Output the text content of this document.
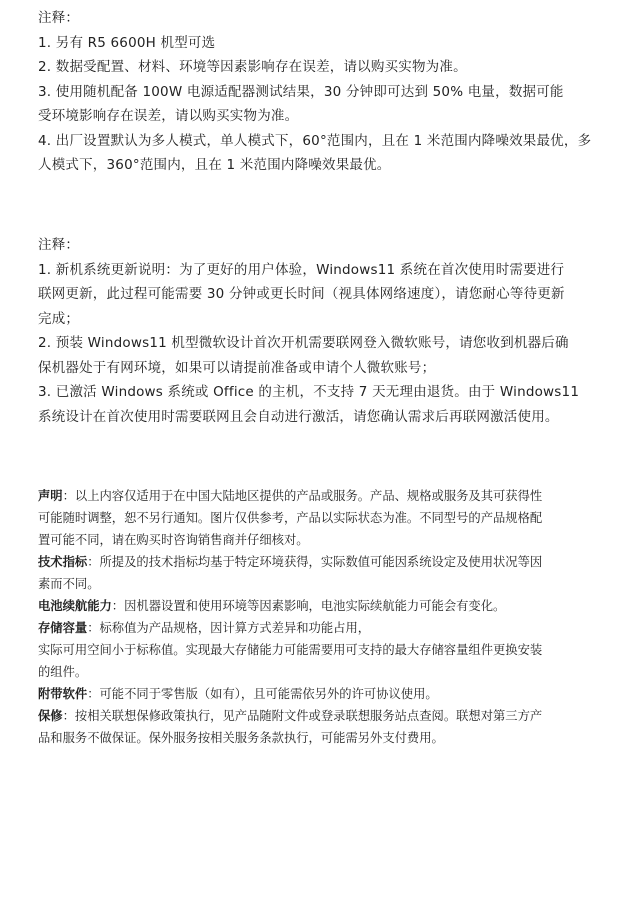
注释：
1. 另有 R5 6600H 机型可选
2. 数据受配置、材料、环境等因素影响存在误差，请以购买实物为准。
3. 使用随机配备 100W 电源适配器测试结果，30 分钟即可达到 50% 电量，数据可能
受环境影响存在误差，请以购买实物为准。
4. 出厂设置默认为多人模式，单人模式下，60°范围内，且在 1 米范围内降噪效果最优，多
人模式下，360°范围内，且在 1 米范围内降噪效果最优。
注释：
1. 新机系统更新说明：为了更好的用户体验，Windows11 系统在首次使用时需要进行
联网更新，此过程可能需要 30 分钟或更长时间（视具体网络速度），请您耐心等待更新
完成；
2. 预装 Windows11 机型微软设计首次开机需要联网登入微软账号，请您收到机器后确
保机器处于有网环境，如果可以请提前准备或申请个人微软账号；
3. 已激活 Windows 系统或 Office 的主机，不支持 7 天无理由退货。由于 Windows11
系统设计在首次使用时需要联网且会自动进行激活，请您确认需求后再联网激活使用。
声明：以上内容仅适用于在中国大陆地区提供的产品或服务。产品、规格或服务及其可获得性
可能随时调整，恕不另行通知。图片仅供参考，产品以实际状态为准。不同型号的产品规格配
置可能不同，请在购买时咨询销售商并仔细核对。
技术指标：所提及的技术指标均基于特定环境获得，实际数值可能因系统设定及使用状况等因
素而不同。
电池续航能力：因机器设置和使用环境等因素影响，电池实际续航能力可能会有变化。
存储容量：标称值为产品规格，因计算方式差异和功能占用，
实际可用空间小于标称值。实现最大存储能力可能需要用可支持的最大存储容量组件更换安装
的组件。
附带软件：可能不同于零售版（如有），且可能需依另外的许可协议使用。
保修：按相关联想保修政策执行，见产品随附文件或登录联想服务站点查阅。联想对第三方产
品和服务不做保证。保外服务按相关服务条款执行，可能需另外支付费用。
